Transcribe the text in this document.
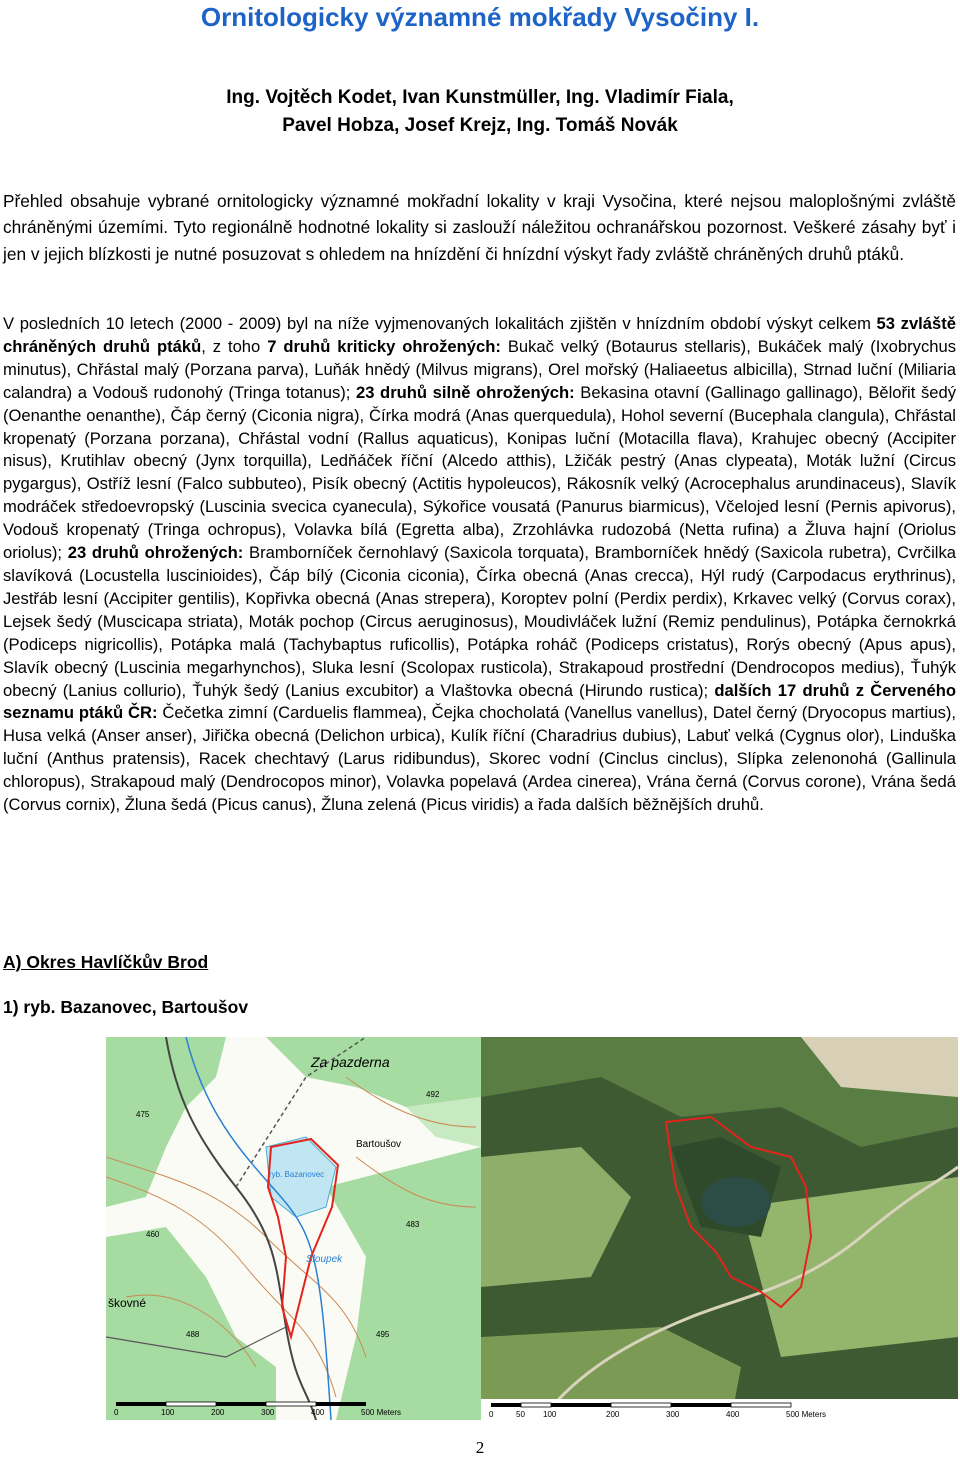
Ornitologicky významné mokřady Vysočiny I.
Ing. Vojtěch Kodet, Ivan Kunstmüller, Ing. Vladimír Fiala,
Pavel Hobza, Josef Krejz, Ing. Tomáš Novák

Přehled obsahuje vybrané ornitologicky významné mokřadní lokality v kraji Vysočina, které nejsou maloplošnými zvláště chráněnými územími. Tyto regionálně hodnotné lokality si zaslouží náležitou ochranářskou pozornost. Veškeré zásahy byť i jen v jejich blízkosti je nutné posuzovat s ohledem na hnízdění či hnízdní výskyt řady zvláště chráněných druhů ptáků.

V posledních 10 letech (2000 - 2009) byl na níže vyjmenovaných lokalitách zjištěn v hnízdním období výskyt celkem 53 zvláště chráněných druhů ptáků, z toho 7 druhů kriticky ohrožených: Bukač velký (Botaurus stellaris), Bukáček malý (Ixobrychus minutus), Chřástal malý (Porzana parva), Luňák hnědý (Milvus migrans), Orel mořský (Haliaeetus albicilla), Strnad luční (Miliaria calandra) a Vodouš rudonohý (Tringa totanus); 23 druhů silně ohrožených: Bekasina otavní (Gallinago gallinago), Bělořit šedý (Oenanthe oenanthe), Čáp černý (Ciconia nigra), Čírka modrá (Anas querquedula), Hohol severní (Bucephala clangula), Chřástal kropenatý (Porzana porzana), Chřástal vodní (Rallus aquaticus), Konipas luční (Motacilla flava), Krahujec obecný (Accipiter nisus), Krutihlav obecný (Jynx torquilla), Ledňáček říční (Alcedo atthis), Lžičák pestrý (Anas clypeata), Moták lužní (Circus pygargus), Ostříž lesní (Falco subbuteo), Pisík obecný (Actitis hypoleucos), Rákosník velký (Acrocephalus arundinaceus), Slavík modráček středoevropský (Luscinia svecica cyanecula), Sýkořice vousatá (Panurus biarmicus), Včelojed lesní (Pernis apivorus), Vodouš kropenatý (Tringa ochropus), Volavka bílá (Egretta alba), Zrzohlávka rudozobá (Netta rufina) a Žluva hajní (Oriolus oriolus); 23 druhů ohrožených: Bramborníček černohlavý (Saxicola torquata), Bramborníček hnědý (Saxicola rubetra), Cvrčilka slavíková (Locustella luscinioides), Čáp bílý (Ciconia ciconia), Čírka obecná (Anas crecca), Hýl rudý (Carpodacus erythrinus), Jestřáb lesní (Accipiter gentilis), Kopřivka obecná (Anas strepera), Koroptev polní (Perdix perdix), Krkavec velký (Corvus corax), Lejsek šedý (Muscicapa striata), Moták pochop (Circus aeruginosus), Moudivláček lužní (Remiz pendulinus), Potápka černokrká (Podiceps nigricollis), Potápka malá (Tachybaptus ruficollis), Potápka roháč (Podiceps cristatus), Rorýs obecný (Apus apus), Slavík obecný (Luscinia megarhynchos), Sluka lesní (Scolopax rusticola), Strakapoud prostřední (Dendrocopos medius), Ťuhýk obecný (Lanius collurio), Ťuhýk šedý (Lanius excubitor) a Vlaštovka obecná (Hirundo rustica); dalších 17 druhů z Červeného seznamu ptáků ČR: Čečetka zimní (Carduelis flammea), Čejka chocholatá (Vanellus vanellus), Datel černý (Dryocopus martius), Husa velká (Anser anser), Jiřička obecná (Delichon urbica), Kulík říční (Charadrius dubius), Labuť velká (Cygnus olor), Linduška luční (Anthus pratensis), Racek chechtavý (Larus ridibundus), Skorec vodní (Cinclus cinclus), Slípka zelenonohá (Gallinula chloropus), Strakapoud malý (Dendrocopos minor), Volavka popelavá (Ardea cinerea), Vrána černá (Corvus corone), Vrána šedá (Corvus cornix), Žluna šedá (Picus canus), Žluna zelená (Picus viridis) a řada dalších běžnějších druhů.

A) Okres Havlíčkův Brod
1) ryb. Bazanovec, Bartoušov
Za pazderna
Bartoušov
Sloupek
škovné
ryb. Bazanovec
475
483
488	495
460
492
0	100	200	300	400	500 Meters	0	50 100	200	300	400	500 Meters
2
